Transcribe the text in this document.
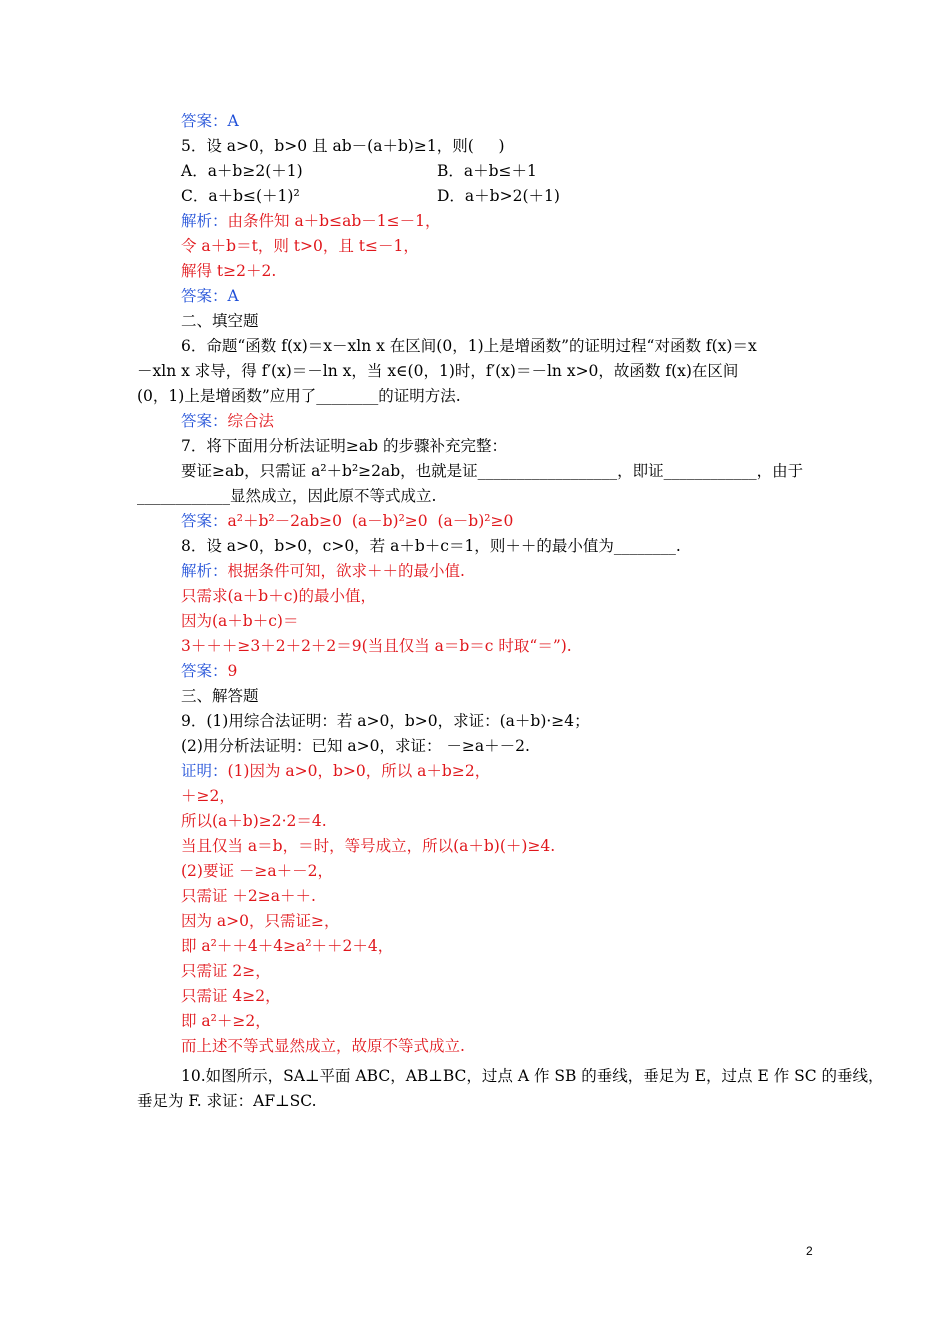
2
答案：A
5．设 a>0，b>0 且 ab－(a＋b)≥1，则(     )
A．a＋b≥2(＋1)	B．a＋b≤＋1
C．a＋b≤(＋1)²	D．a＋b>2(＋1)
解析：由条件知 a＋b≤ab－1≤－1，
令 a＋b＝t，则 t>0，且 t≤－1，
解得 t≥2＋2.
答案：A
二、填空题
6．命题“函数 f(x)＝x－xln x 在区间(0，1)上是增函数”的证明过程“对函数 f(x)＝x
－xln x 求导，得 f′(x)＝－ln x，当 x∈(0，1)时，f′(x)＝－ln x>0，故函数 f(x)在区间
(0，1)上是增函数”应用了________的证明方法.
答案：综合法
7．将下面用分析法证明≥ab 的步骤补充完整：
要证≥ab，只需证 a²＋b²≥2ab，也就是证__________________，即证____________，由于
____________显然成立，因此原不等式成立.
答案：a²＋b²－2ab≥0  (a－b)²≥0  (a－b)²≥0
8．设 a>0，b>0，c>0，若 a＋b＋c＝1，则＋＋的最小值为________.
解析：根据条件可知，欲求＋＋的最小值.
只需求(a＋b＋c)的最小值，
因为(a＋b＋c)＝
3＋＋＋≥3＋2＋2＋2＝9(当且仅当 a＝b＝c 时取“＝”).
答案：9
三、解答题
9．(1)用综合法证明：若 a>0，b>0，求证：(a＋b)·≥4；
(2)用分析法证明：已知 a>0，求证： －≥a＋－2.
证明：(1)因为 a>0，b>0，所以 a＋b≥2，
＋≥2，
所以(a＋b)≥2·2＝4.
当且仅当 a＝b，＝时，等号成立，所以(a＋b)(＋)≥4.
(2)要证 －≥a＋－2，
只需证 ＋2≥a＋＋.
因为 a>0，只需证≥，
即 a²＋＋4＋4≥a²＋＋2＋4，
只需证 2≥，
只需证 4≥2，
即 a²＋≥2，
而上述不等式显然成立，故原不等式成立.
10.如图所示，SA⊥平面 ABC，AB⊥BC，过点 A 作 SB 的垂线，垂足为 E，过点 E 作 SC 的垂线，
垂足为 F. 求证：AF⊥SC.
